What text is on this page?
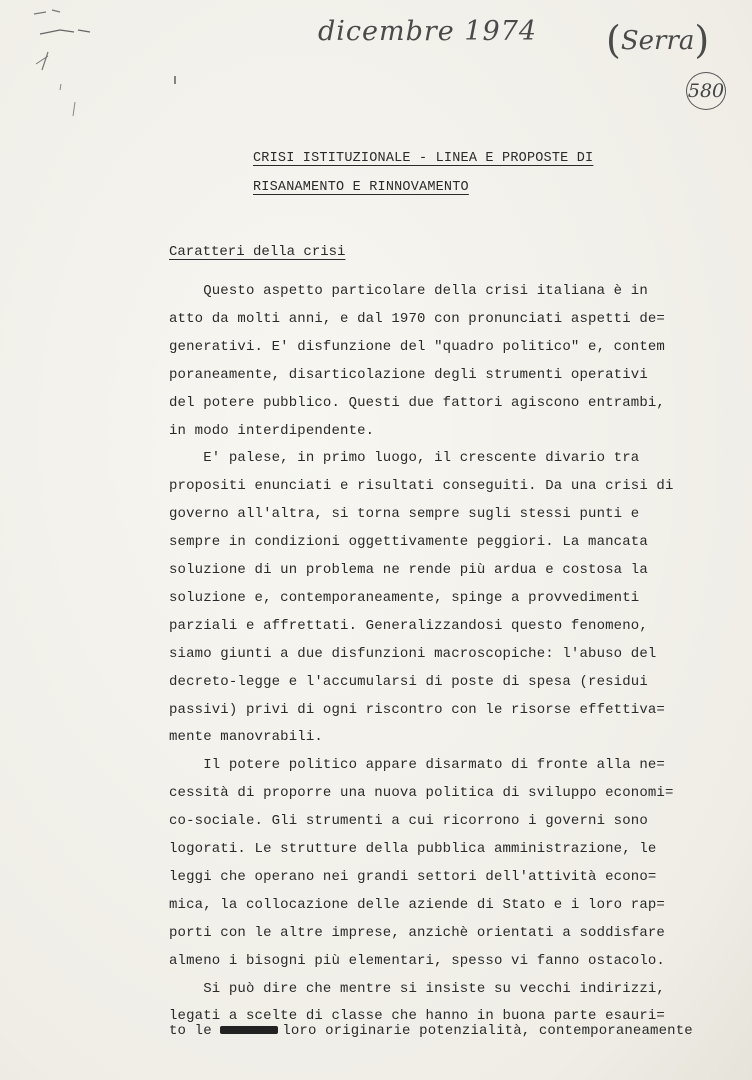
dicembre 1974 (Serra)
580
CRISI ISTITUZIONALE - LINEA E PROPOSTE DI
RISANAMENTO E RINNOVAMENTO
Caratteri della crisi
Questo aspetto particolare della crisi italiana è in
atto da molti anni, e dal 1970 con pronunciati aspetti de=
generativi. E' disfunzione del "quadro politico" e, contem
poraneamente, disarticolazione degli strumenti operativi
del potere pubblico. Questi due fattori agiscono entrambi,
in modo interdipendente.
E' palese, in primo luogo, il crescente divario tra
propositi enunciati e risultati conseguiti. Da una crisi di
governo all'altra, si torna sempre sugli stessi punti e
sempre in condizioni oggettivamente peggiori. La mancata
soluzione di un problema ne rende più ardua e costosa la
soluzione e, contemporaneamente, spinge a provvedimenti
parziali e affrettati. Generalizzandosi questo fenomeno,
siamo giunti a due disfunzioni macroscopiche: l'abuso del
decreto-legge e l'accumularsi di poste di spesa (residui
passivi) privi di ogni riscontro con le risorse effettiva=
mente manovrabili.
Il potere politico appare disarmato di fronte alla ne=
cessità di proporre una nuova politica di sviluppo economi=
co-sociale. Gli strumenti a cui ricorrono i governi sono
logorati. Le strutture della pubblica amministrazione, le
leggi che operano nei grandi settori dell'attività econo=
mica, la collocazione delle aziende di Stato e i loro rap=
porti con le altre imprese, anzichè orientati a soddisfare
almeno i bisogni più elementari, spesso vi fanno ostacolo.
Si può dire che mentre si insiste su vecchi indirizzi,
legati a scelte di classe che hanno in buona parte esauri=
to le	loro originarie potenzialità, contemporaneamente
